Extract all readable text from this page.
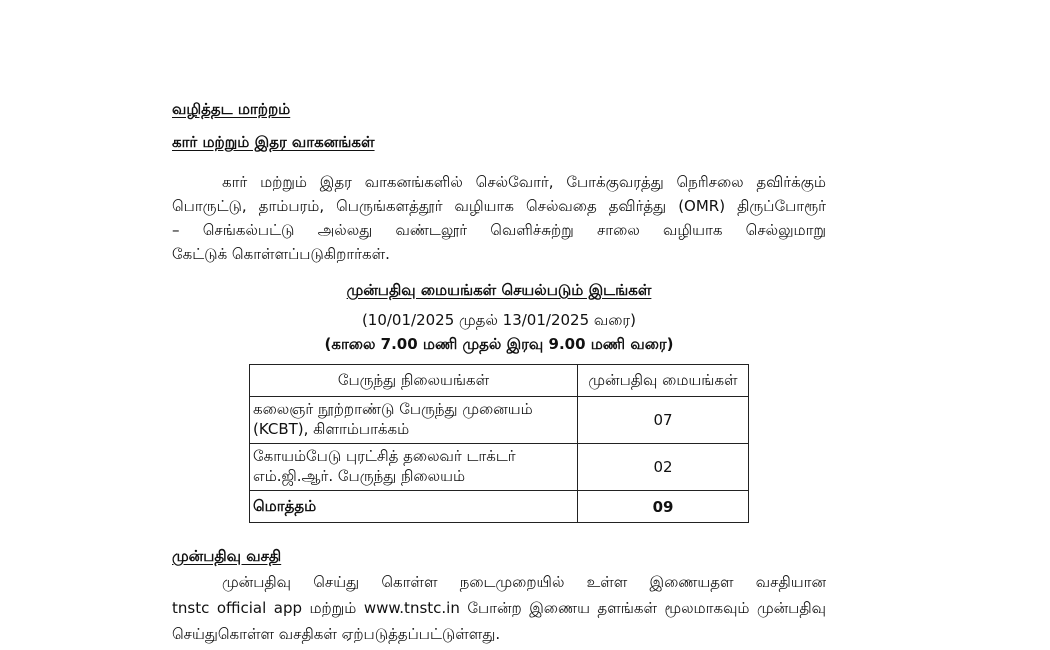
வழித்தட மாற்றம்
கார் மற்றும் இதர வாகனங்கள்
கார் மற்றும் இதர வாகனங்களில் செல்வோர், போக்குவரத்து நெரிசலை தவிர்க்கும்
பொருட்டு, தாம்பரம், பெருங்களத்தூர் வழியாக செல்வதை தவிர்த்து (OMR) திருப்போரூர்
– செங்கல்பட்டு அல்லது வண்டலூர் வெளிச்சுற்று சாலை வழியாக செல்லுமாறு
கேட்டுக் கொள்ளப்படுகிறார்கள்.
முன்பதிவு மையங்கள் செயல்படும் இடங்கள்
(10/01/2025 முதல் 13/01/2025 வரை)
(காலை 7.00 மணி முதல் இரவு 9.00 மணி வரை)
பேருந்து நிலையங்கள்	முன்பதிவு மையங்கள்

கலைஞர் நூற்றாண்டு பேருந்து முனையம்
(KCBT), கிளாம்பாக்கம்	07

கோயம்பேடு புரட்சித் தலைவர் டாக்டர்
எம்.ஜி.ஆர். பேருந்து நிலையம்	02
மொத்தம்	09
முன்பதிவு வசதி
முன்பதிவு செய்து கொள்ள நடைமுறையில் உள்ள இணையதள வசதியான
tnstc official app மற்றும் www.tnstc.in போன்ற இணைய தளங்கள் மூலமாகவும் முன்பதிவு
செய்துகொள்ள வசதிகள் ஏற்படுத்தப்பட்டுள்ளது.
